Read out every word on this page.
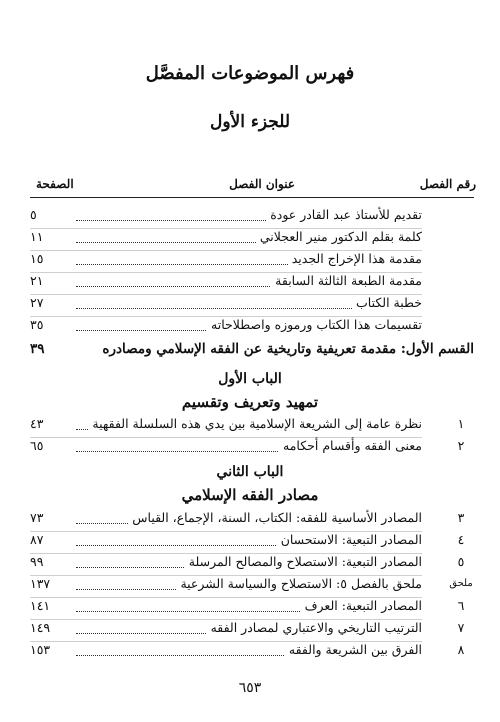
فهرس الموضوعات المفصَّل
للجزء الأول
رقم الفصل
عنوان الفصل
الصفحة
تقديم للأستاذ عبد القادر عودة
٥
كلمة بقلم الدكتور منير العجلاني
١١
مقدمة هذا الإخراج الجديد
١٥
مقدمة الطبعة الثالثة السابقة
٢١
خطبة الكتاب
٢٧
تقسيمات هذا الكتاب ورموزه واصطلاحاته
٣٥
القسم الأول: مقدمة تعريفية وتاريخية عن الفقه الإسلامي ومصادره
٣٩
الباب الأول
تمهيد وتعريف وتقسيم
١
نظرة عامة إلى الشريعة الإسلامية بين يدي هذه السلسلة الفقهية
٤٣
٢
معنى الفقه وأقسام أحكامه
٦٥
الباب الثاني
مصادر الفقه الإسلامي
٣
المصادر الأساسية للفقه: الكتاب، السنة، الإجماع، القياس
٧٣
٤
المصادر التبعية: الاستحسان
٨٧
٥
المصادر التبعية: الاستصلاح والمصالح المرسلة
٩٩
ملحق
ملحق بالفصل ٥: الاستصلاح والسياسة الشرعية
١٣٧
٦
المصادر التبعية: العرف
١٤١
٧
الترتيب التاريخي والاعتباري لمصادر الفقه
١٤٩
٨
الفرق بين الشريعة والفقه
١٥٣
٦٥٣
